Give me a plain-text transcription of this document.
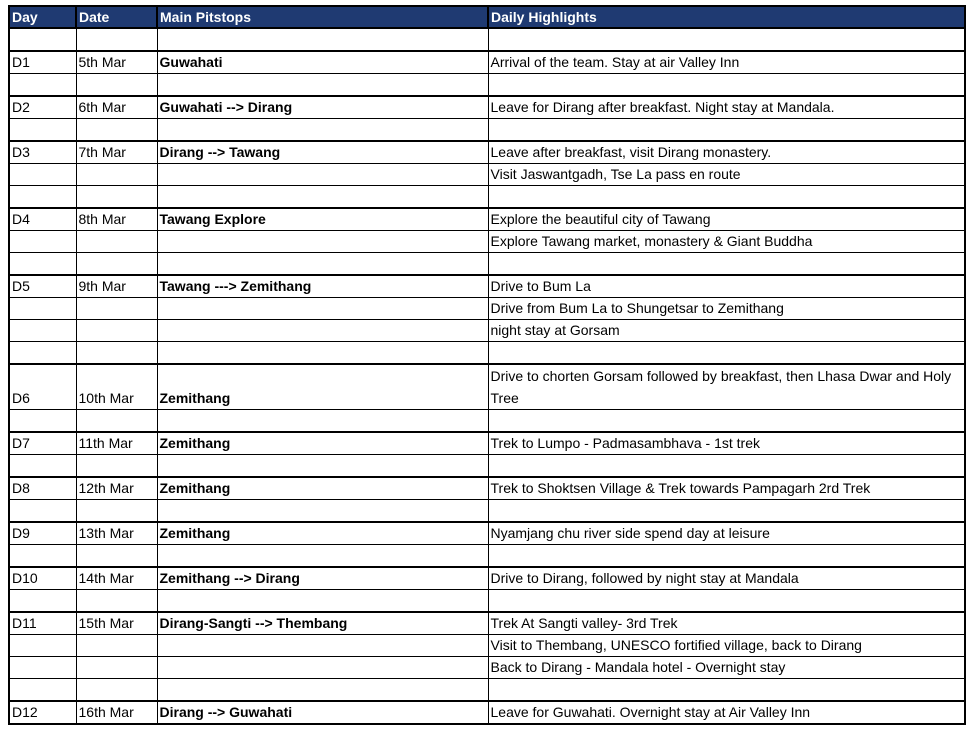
Day	Date	Main Pitstops	Daily Highlights

D1	5th Mar	Guwahati	Arrival of the team. Stay at air Valley Inn

D2	6th Mar	Guwahati --> Dirang	Leave for Dirang after breakfast. Night stay at Mandala.

D3	7th Mar	Dirang --> Tawang	Leave after breakfast, visit Dirang monastery.
			Visit Jaswantgadh, Tse La pass en route

D4	8th Mar	Tawang Explore	Explore the beautiful city of Tawang
			Explore Tawang market, monastery & Giant Buddha

D5	9th Mar	Tawang ---> Zemithang	Drive to Bum La
			Drive from Bum La to Shungetsar to Zemithang
			night stay at Gorsam

D6	10th Mar	Zemithang	Drive to chorten Gorsam followed by breakfast, then Lhasa Dwar and Holy Tree

D7	11th Mar	Zemithang	Trek to Lumpo - Padmasambhava - 1st trek

D8	12th Mar	Zemithang	Trek to Shoktsen Village & Trek towards Pampagarh 2rd Trek

D9	13th Mar	Zemithang	Nyamjang chu river side spend day at leisure

D10	14th Mar	Zemithang --> Dirang	Drive to Dirang, followed by night stay at Mandala

D11	15th Mar	Dirang-Sangti --> Thembang	Trek At Sangti valley- 3rd Trek
			Visit to Thembang, UNESCO fortified village, back to Dirang
			Back to Dirang - Mandala hotel - Overnight stay

D12	16th Mar	Dirang --> Guwahati	Leave for Guwahati. Overnight stay at Air Valley Inn
